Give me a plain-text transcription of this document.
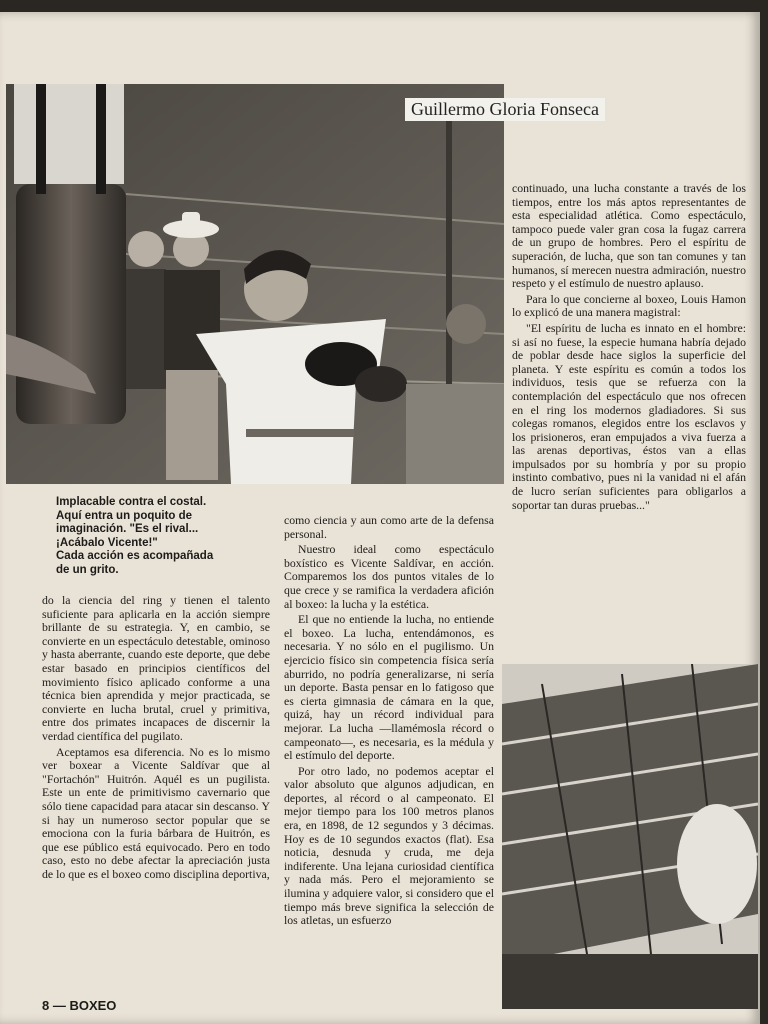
Guillermo Gloria Fonseca
Implacable contra el costal.
Aquí entra un poquito de
imaginación. "Es el rival...
¡Acábalo Vicente!"
Cada acción es acompañada
de un grito.

do la ciencia del ring y tienen el talento suficiente para aplicarla en la acción siempre brillante de su estrategia. Y, en cambio, se convierte en un espectáculo detestable, ominoso y hasta aberrante, cuando este deporte, que debe estar basado en principios científicos del movimiento físico aplicado conforme a una técnica bien aprendida y mejor practicada, se convierte en lucha brutal, cruel y primitiva, entre dos primates incapaces de discernir la verdad científica del pugilato.

Aceptamos esa diferencia. No es lo mismo ver boxear a Vicente Saldívar que al "Fortachón" Huitrón. Aquél es un pugilista. Este un ente de primitivismo cavernario que sólo tiene capacidad para atacar sin descanso. Y si hay un numeroso sector popular que se emociona con la furia bárbara de Huitrón, es que ese público está equivocado. Pero en todo caso, esto no debe afectar la apreciación justa de lo que es el boxeo como disciplina deportiva,

como ciencia y aun como arte de la defensa personal.

Nuestro ideal como espectáculo boxístico es Vicente Saldívar, en acción. Comparemos los dos puntos vitales de lo que crece y se ramifica la verdadera afición al boxeo: la lucha y la estética.

El que no entiende la lucha, no entiende el boxeo. La lucha, entendámonos, es necesaria. Y no sólo en el pugilismo. Un ejercicio físico sin competencia física sería aburrido, no podría generalizarse, ni sería un deporte. Basta pensar en lo fatigoso que es cierta gimnasia de cámara en la que, quizá, hay un récord individual para mejorar. La lucha —llamémosla récord o campeonato—, es necesaria, es la médula y el estímulo del deporte.

Por otro lado, no podemos aceptar el valor absoluto que algunos adjudican, en deportes, al récord o al campeonato. El mejor tiempo para los 100 metros planos era, en 1898, de 12 segundos y 3 décimas. Hoy es de 10 segundos exactos (flat). Esa noticia, desnuda y cruda, me deja indiferente. Una lejana curiosidad científica y nada más. Pero el mejoramiento se ilumina y adquiere valor, si considero que el tiempo más breve significa la selección de los atletas, un esfuerzo

continuado, una lucha constante a través de los tiempos, entre los más aptos representantes de esta especialidad atlética. Como espectáculo, tampoco puede valer gran cosa la fugaz carrera de un grupo de hombres. Pero el espíritu de superación, de lucha, que son tan comunes y tan humanos, sí merecen nuestra admiración, nuestro respeto y el estímulo de nuestro aplauso.

Para lo que concierne al boxeo, Louis Hamon lo explicó de una manera magistral:

"El espíritu de lucha es innato en el hombre: si así no fuese, la especie humana habría dejado de poblar desde hace siglos la superficie del planeta. Y este espíritu es común a todos los individuos, tesis que se refuerza con la contemplación del espectáculo que nos ofrecen en el ring los modernos gladiadores. Si sus colegas romanos, elegidos entre los esclavos y los prisioneros, eran empujados a viva fuerza a las arenas deportivas, éstos van a ellas impulsados por su hombría y por su propio instinto combativo, pues ni la vanidad ni el afán de lucro serían suficientes para obligarlos a soportar tan duras pruebas..."

8 — BOXEO
